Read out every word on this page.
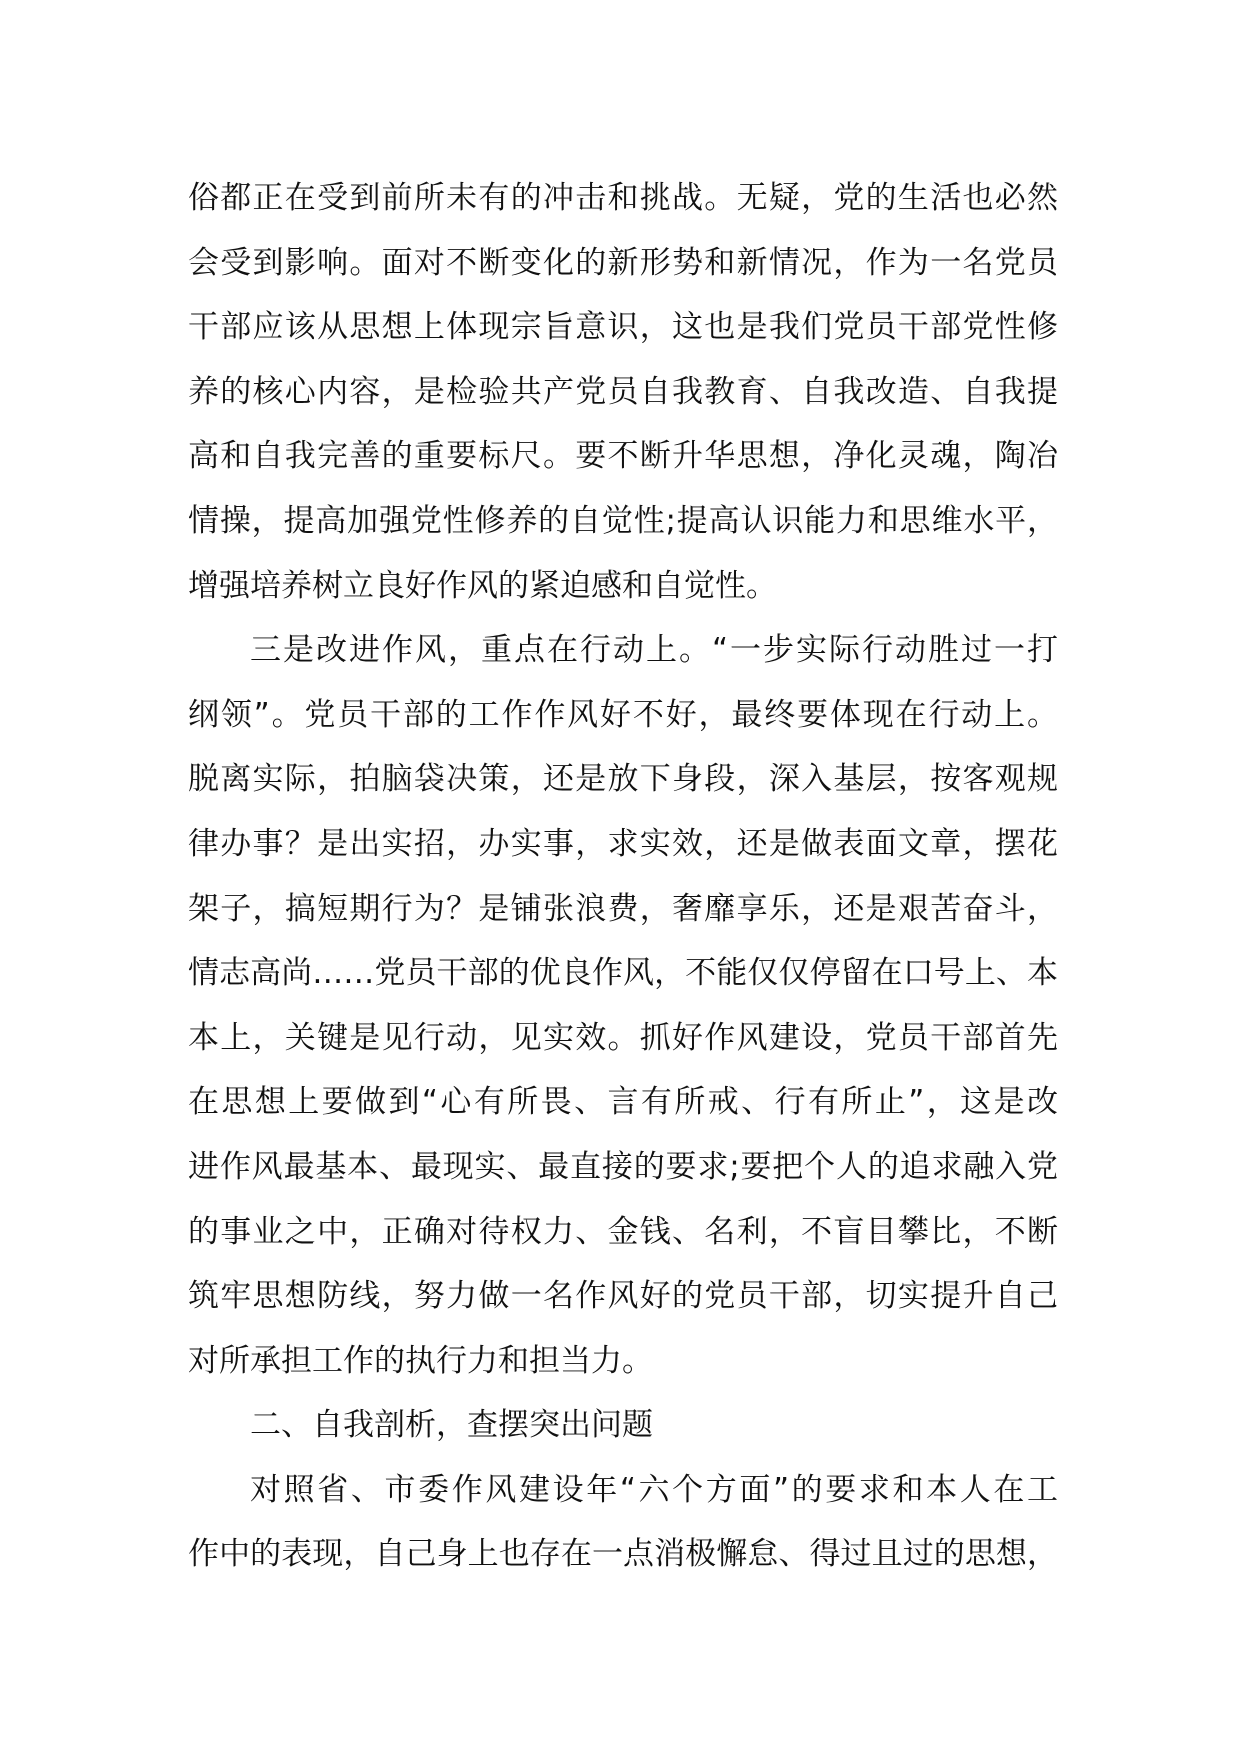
俗都正在受到前所未有的冲击和挑战。无疑，党的生活也必然
会受到影响。面对不断变化的新形势和新情况，作为一名党员
干部应该从思想上体现宗旨意识，这也是我们党员干部党性修
养的核心内容，是检验共产党员自我教育、自我改造、自我提
高和自我完善的重要标尺。要不断升华思想，净化灵魂，陶冶
情操，提高加强党性修养的自觉性;提高认识能力和思维水平，
增强培养树立良好作风的紧迫感和自觉性。
三是改进作风，重点在行动上。“一步实际行动胜过一打
纲领”。党员干部的工作作风好不好，最终要体现在行动上。
脱离实际，拍脑袋决策，还是放下身段，深入基层，按客观规
律办事？是出实招，办实事，求实效，还是做表面文章，摆花
架子，搞短期行为？是铺张浪费，奢靡享乐，还是艰苦奋斗，
情志高尚……党员干部的优良作风，不能仅仅停留在口号上、本
本上，关键是见行动，见实效。抓好作风建设，党员干部首先
在思想上要做到“心有所畏、言有所戒、行有所止”，这是改
进作风最基本、最现实、最直接的要求;要把个人的追求融入党
的事业之中，正确对待权力、金钱、名利，不盲目攀比，不断
筑牢思想防线，努力做一名作风好的党员干部，切实提升自己
对所承担工作的执行力和担当力。
二、自我剖析，查摆突出问题
对照省、市委作风建设年“六个方面”的要求和本人在工
作中的表现，自己身上也存在一点消极懈怠、得过且过的思想，
